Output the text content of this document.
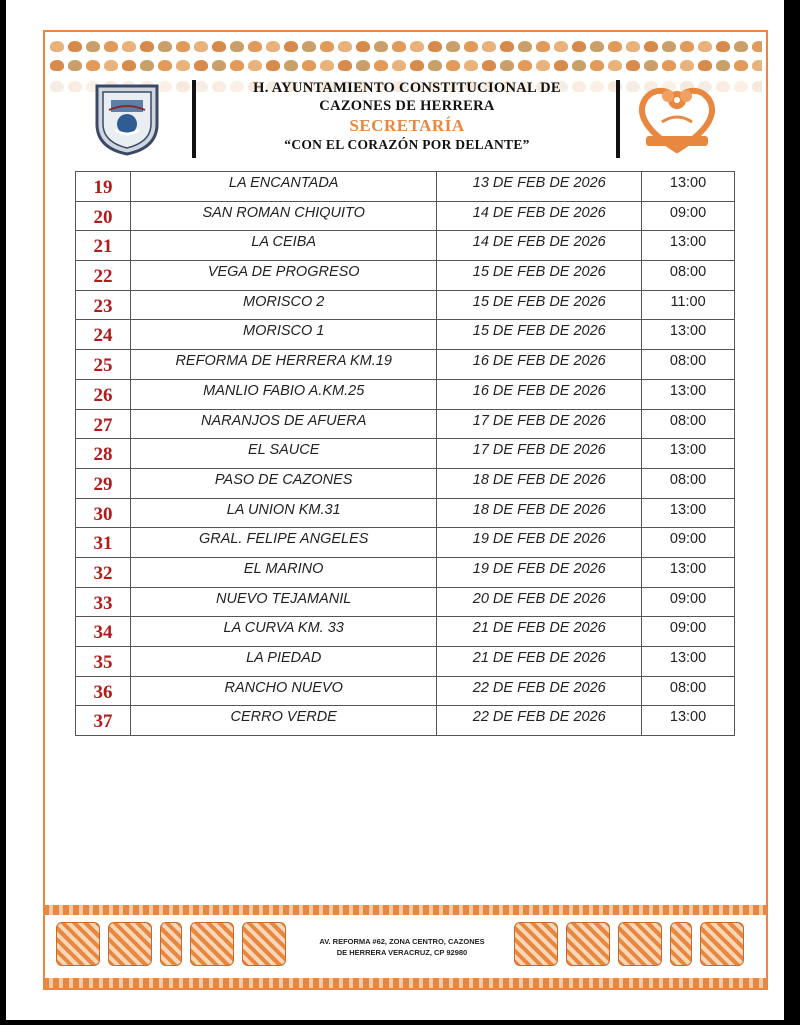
H. AYUNTAMIENTO CONSTITUCIONAL DE
CAZONES DE HERRERA
SECRETARÍA
“CON EL CORAZÓN POR DELANTE”
19	LA ENCANTADA	13 DE FEB DE 2026	13:00
20	SAN ROMAN CHIQUITO	14 DE FEB DE 2026	09:00
21	LA CEIBA	14 DE FEB DE 2026	13:00
22	VEGA DE PROGRESO	15 DE FEB DE 2026	08:00
23	MORISCO 2	15 DE FEB DE 2026	11:00
24	MORISCO 1	15 DE FEB DE 2026	13:00
25	REFORMA DE HERRERA KM.19	16 DE FEB DE 2026	08:00
26	MANLIO FABIO A.KM.25	16 DE FEB DE 2026	13:00
27	NARANJOS DE AFUERA	17 DE FEB DE 2026	08:00
28	EL SAUCE	17 DE FEB DE 2026	13:00
29	PASO DE CAZONES	18 DE FEB DE 2026	08:00
30	LA UNION KM.31	18 DE FEB DE 2026	13:00
31	GRAL. FELIPE ANGELES	19 DE FEB DE 2026	09:00
32	EL MARINO	19 DE FEB DE 2026	13:00
33	NUEVO TEJAMANIL	20 DE FEB DE 2026	09:00
34	LA CURVA KM. 33	21 DE FEB DE 2026	09:00
35	LA PIEDAD	21 DE FEB DE 2026	13:00
36	RANCHO NUEVO	22 DE FEB DE 2026	08:00
37	CERRO VERDE	22 DE FEB DE 2026	13:00
AV. REFORMA #62, ZONA CENTRO, CAZONES
DE HERRERA VERACRUZ, CP 92980
